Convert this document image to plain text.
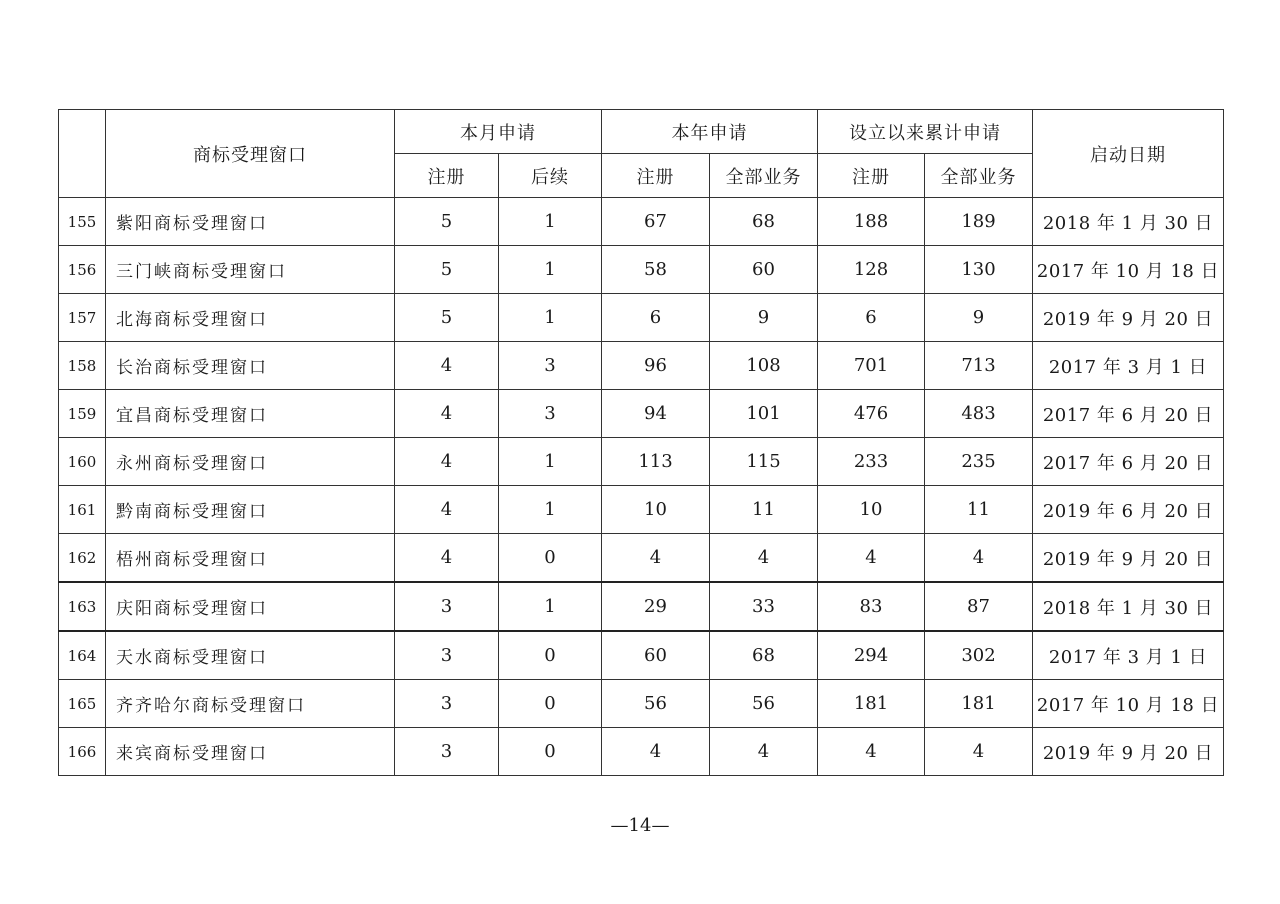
	商标受理窗口	本月申请		本年申请		设立以来累计申请		启动日期
		注册	后续	注册	全部业务	注册	全部业务	
155	紫阳商标受理窗口	5	1	67	68	188	189	2018 年 1 月 30 日
156	三门峡商标受理窗口	5	1	58	60	128	130	2017 年 10 月 18 日
157	北海商标受理窗口	5	1	6	9	6	9	2019 年 9 月 20 日
158	长治商标受理窗口	4	3	96	108	701	713	2017 年 3 月 1 日
159	宜昌商标受理窗口	4	3	94	101	476	483	2017 年 6 月 20 日
160	永州商标受理窗口	4	1	113	115	233	235	2017 年 6 月 20 日
161	黔南商标受理窗口	4	1	10	11	10	11	2019 年 6 月 20 日
162	梧州商标受理窗口	4	0	4	4	4	4	2019 年 9 月 20 日
163	庆阳商标受理窗口	3	1	29	33	83	87	2018 年 1 月 30 日
164	天水商标受理窗口	3	0	60	68	294	302	2017 年 3 月 1 日
165	齐齐哈尔商标受理窗口	3	0	56	56	181	181	2017 年 10 月 18 日
166	来宾商标受理窗口	3	0	4	4	4	4	2019 年 9 月 20 日
—14—
